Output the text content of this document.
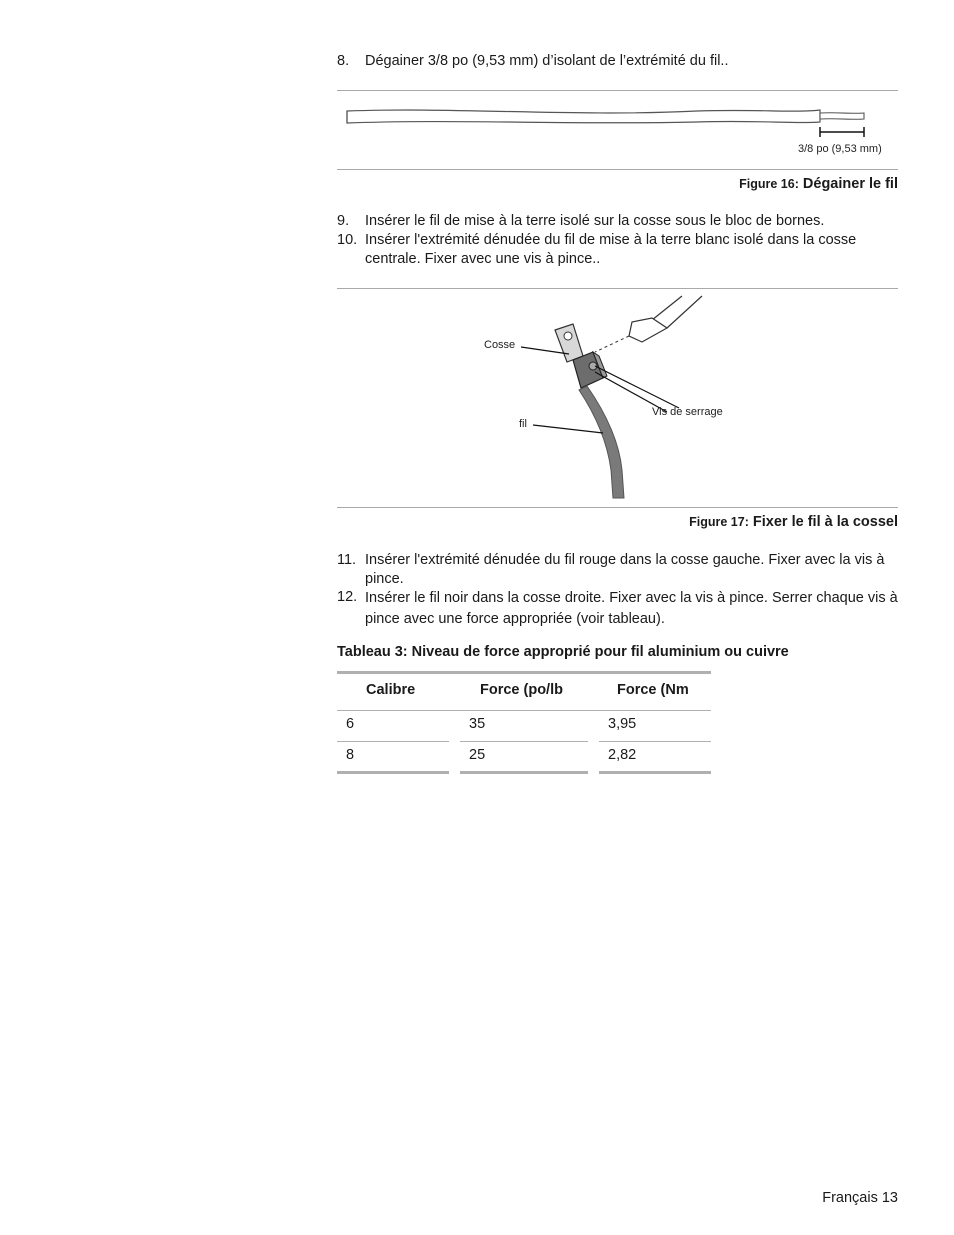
8. Dégainer 3/8 po (9,53 mm) d’isolant de l’extrémité du fil..
3/8 po (9,53 mm)
Figure 16: Dégainer le fil
9. Insérer le fil de mise à la terre isolé sur la cosse sous le bloc de bornes.
10. Insérer l'extrémité dénudée du fil de mise à la terre blanc isolé dans la cosse centrale. Fixer avec une vis à pince..
Cosse
fil
Vis de serrage
Figure 17: Fixer le fil à la cossel
11. Insérer l'extrémité dénudée du fil rouge dans la cosse gauche. Fixer avec la vis à pince.
12. Insérer le fil noir dans la cosse droite. Fixer avec la vis à pince. Serrer chaque vis à pince avec une force appropriée (voir tableau).
Tableau 3: Niveau de force approprié pour fil aluminium ou cuivre
Calibre	Force (po/lb	Force (Nm
6	35	3,95
8	25	2,82
Français 13
